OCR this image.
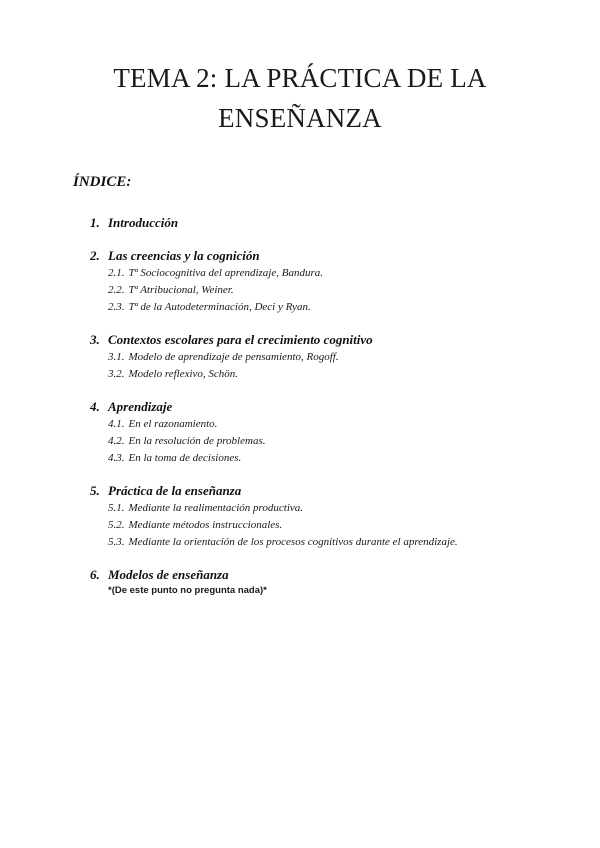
TEMA 2: LA PRÁCTICA DE LA
ENSEÑANZA
ÍNDICE:
1. Introducción
2. Las creencias y la cognición
2.1. Tª Sociocognitiva del aprendizaje, Bandura.
2.2. Tª Atribucional, Weiner.
2.3. Tª de la Autodeterminación, Deci y Ryan.
3. Contextos escolares para el crecimiento cognitivo
3.1. Modelo de aprendizaje de pensamiento, Rogoff.
3.2. Modelo reflexivo, Schön.
4. Aprendizaje
4.1. En el razonamiento.
4.2. En la resolución de problemas.
4.3. En la toma de decisiones.
5. Práctica de la enseñanza
5.1. Mediante la realimentación productiva.
5.2. Mediante métodos instruccionales.
5.3. Mediante la orientación de los procesos cognitivos durante el aprendizaje.
6. Modelos de enseñanza
*(De este punto no pregunta nada)*
